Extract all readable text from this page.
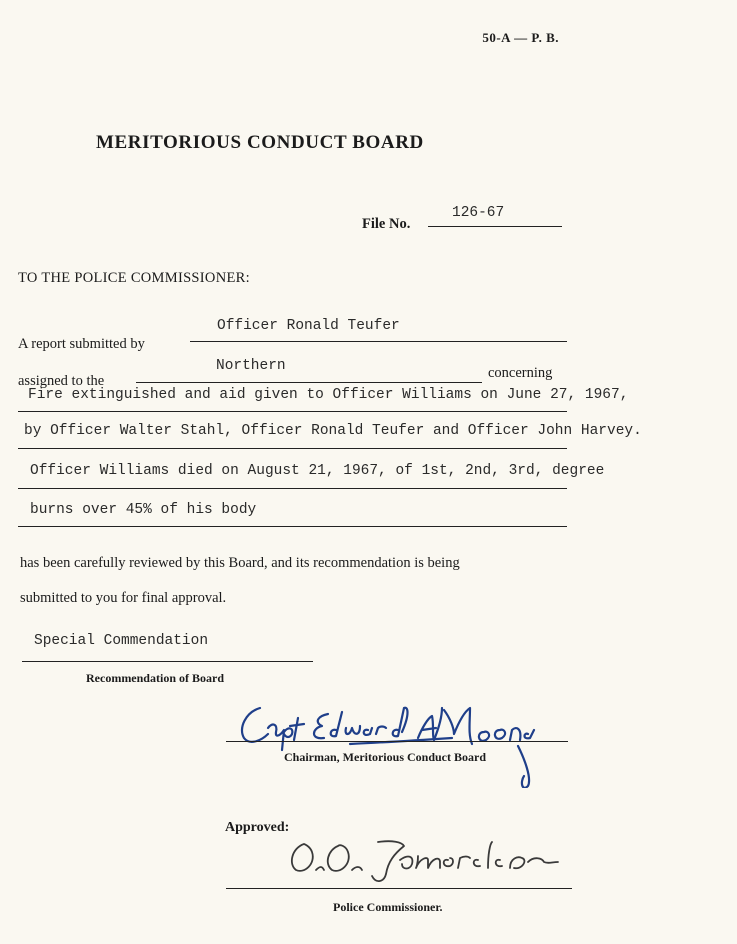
50-A — P. B.
MERITORIOUS CONDUCT BOARD
File No.
126-67
TO THE POLICE COMMISSIONER:
A report submitted by
Officer Ronald Teufer
assigned to the
Northern	concerning
Fire extinguished and aid given to Officer Williams on June 27, 1967,
by Officer Walter Stahl, Officer Ronald Teufer and Officer John Harvey.
Officer Williams died on August 21, 1967, of 1st, 2nd, 3rd, degree
burns over 45% of his body
has been carefully reviewed by this Board, and its recommendation is being
submitted to you for final approval.
Special Commendation
Recommendation of Board
Chairman, Meritorious Conduct Board
Approved:
Police Commissioner.
